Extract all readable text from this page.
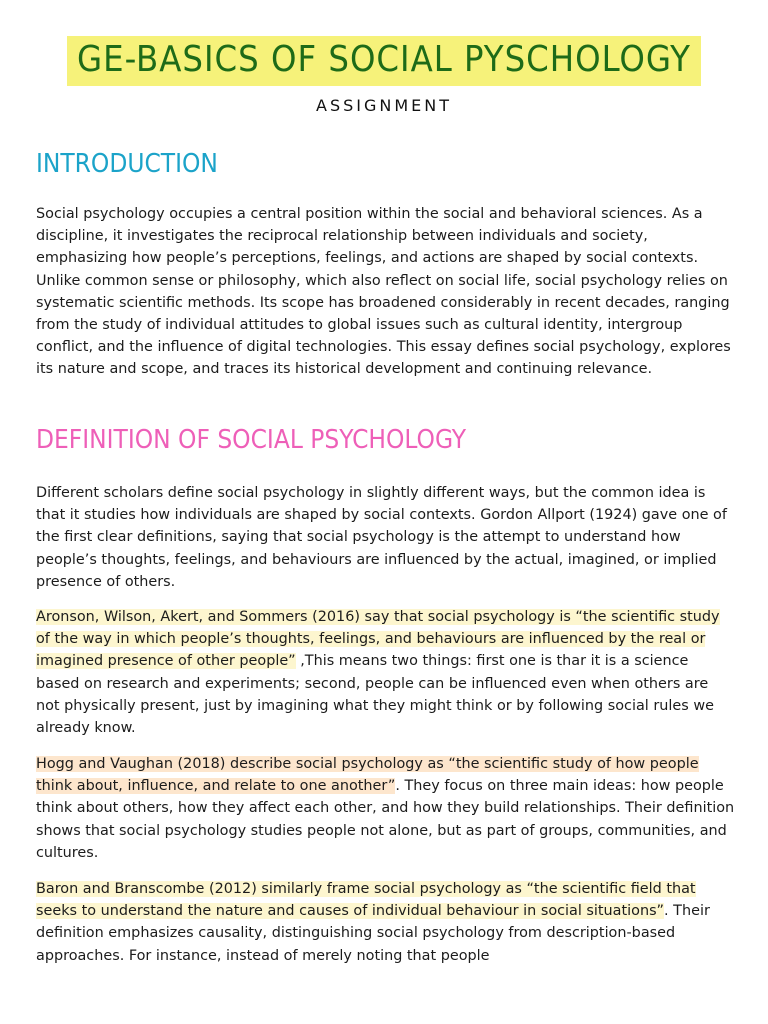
GE-BASICS OF SOCIAL PYSCHOLOGY
ASSIGNMENT
INTRODUCTION

Social psychology occupies a central position within the social and behavioral sciences. As a discipline, it investigates the reciprocal relationship between individuals and society, emphasizing how people’s perceptions, feelings, and actions are shaped by social contexts. Unlike common sense or philosophy, which also reflect on social life, social psychology relies on systematic scientific methods. Its scope has broadened considerably in recent decades, ranging from the study of individual attitudes to global issues such as cultural identity, intergroup conflict, and the influence of digital technologies. This essay defines social psychology, explores its nature and scope, and traces its historical development and continuing relevance.

DEFINITION OF SOCIAL PSYCHOLOGY

Different scholars define social psychology in slightly different ways, but the common idea is that it studies how individuals are shaped by social contexts. Gordon Allport (1924) gave one of the first clear definitions, saying that social psychology is the attempt to understand how people’s thoughts, feelings, and behaviours are influenced by the actual, imagined, or implied presence of others.

Aronson, Wilson, Akert, and Sommers (2016) say that social psychology is “the scientific study of the way in which people’s thoughts, feelings, and behaviours are influenced by the real or imagined presence of other people” ,This means two things: first one is thar it is a science based on research and experiments; second, people can be influenced even when others are not physically present, just by imagining what they might think or by following social rules we already know.

Hogg and Vaughan (2018) describe social psychology as “the scientific study of how people think about, influence, and relate to one another”. They focus on three main ideas: how people think about others, how they affect each other, and how they build relationships. Their definition shows that social psychology studies people not alone, but as part of groups, communities, and cultures.

Baron and Branscombe (2012) similarly frame social psychology as “the scientific field that seeks to understand the nature and causes of individual behaviour in social situations”. Their definition emphasizes causality, distinguishing social psychology from description-based approaches. For instance, instead of merely noting that people
